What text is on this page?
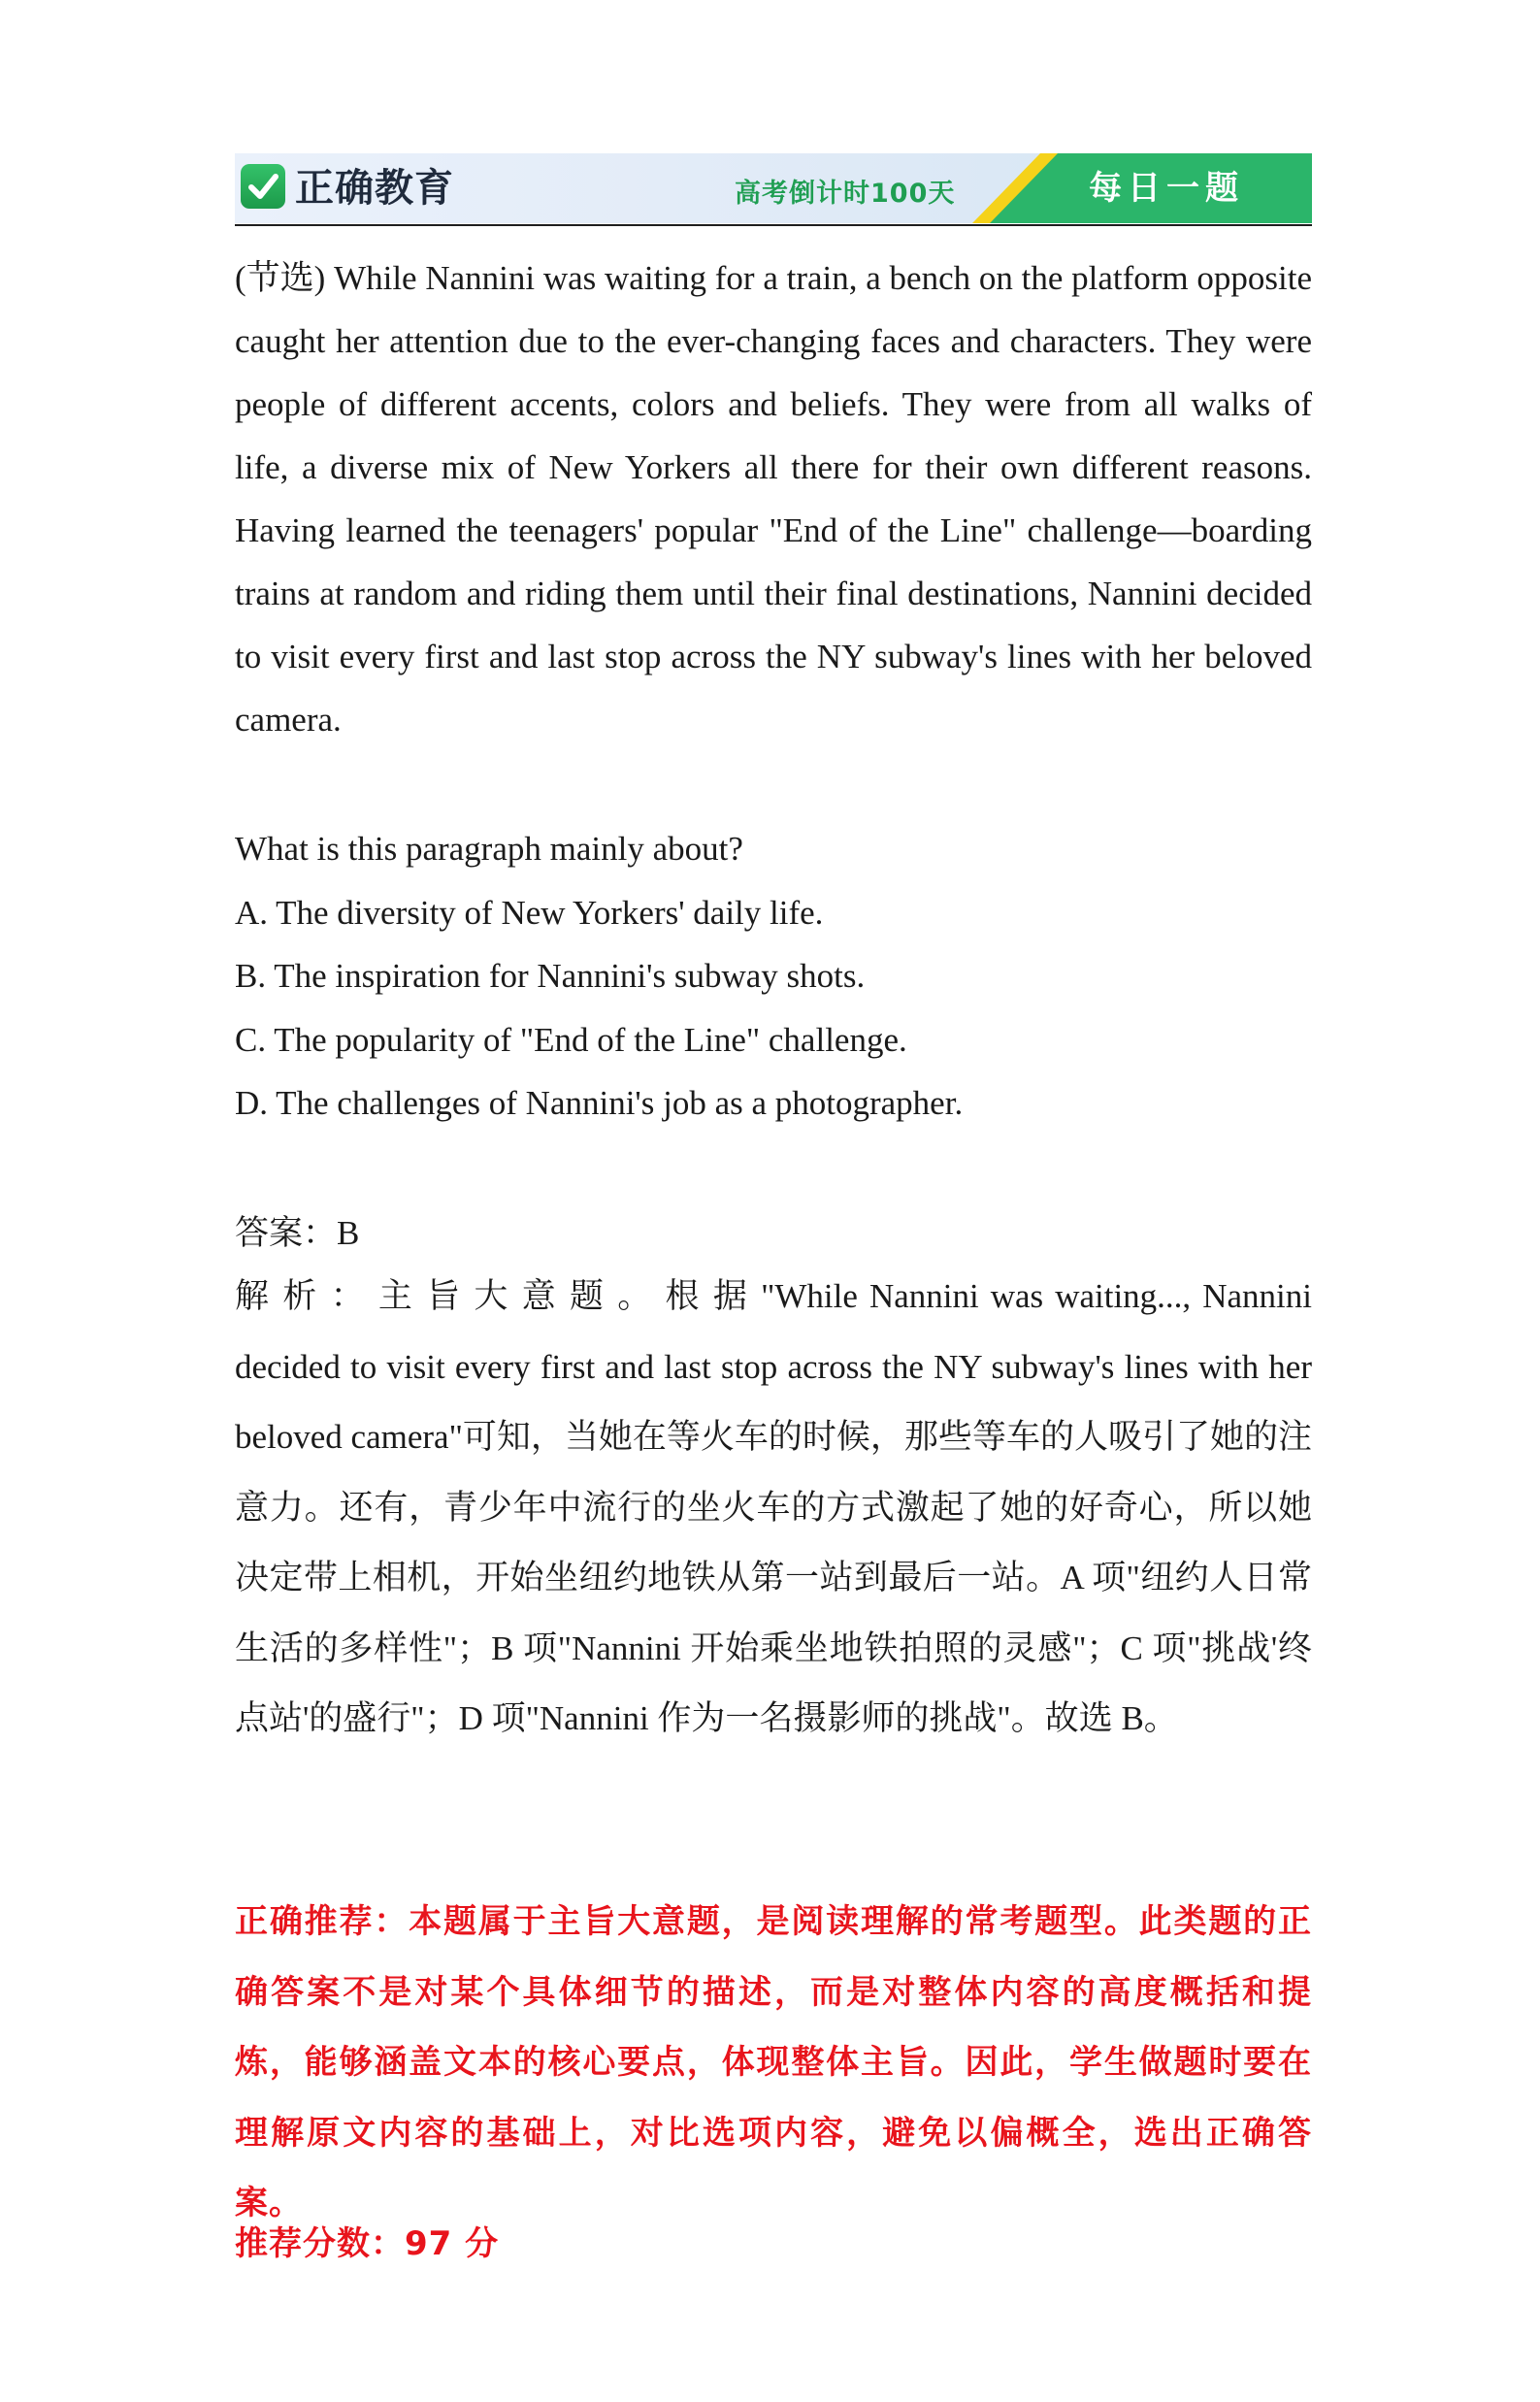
正确教育	高考倒计时100天	每日一题

(节选) While Nannini was waiting for a train, a bench on the platform opposite caught her attention due to the ever-changing faces and characters. They were people of different accents, colors and beliefs. They were from all walks of life, a diverse mix of New Yorkers all there for their own different reasons. Having learned the teenagers' popular "End of the Line" challenge—boarding trains at random and riding them until their final destinations, Nannini decided to visit every first and last stop across the NY subway's lines with her beloved camera.

What is this paragraph mainly about?
A. The diversity of New Yorkers' daily life.
B. The inspiration for Nannini's subway shots.
C. The popularity of "End of the Line" challenge.
D. The challenges of Nannini's job as a photographer.
答案：B
解析：主旨大意题。根据"While Nannini was waiting..., Nannini decided to visit every first and last stop across the NY subway's lines with her beloved camera"可知，当她在等火车的时候，那些等车的人吸引了她的注意力。还有，青少年中流行的坐火车的方式激起了她的好奇心，所以她决定带上相机，开始坐纽约地铁从第一站到最后一站。A 项"纽约人日常生活的多样性"；B 项"Nannini 开始乘坐地铁拍照的灵感"；C 项"挑战'终点站'的盛行"；D 项"Nannini 作为一名摄影师的挑战"。故选 B。
正确推荐：本题属于主旨大意题，是阅读理解的常考题型。此类题的正确答案不是对某个具体细节的描述，而是对整体内容的高度概括和提炼，能够涵盖文本的核心要点，体现整体主旨。因此，学生做题时要在理解原文内容的基础上，对比选项内容，避免以偏概全，选出正确答案。
推荐分数：97 分
